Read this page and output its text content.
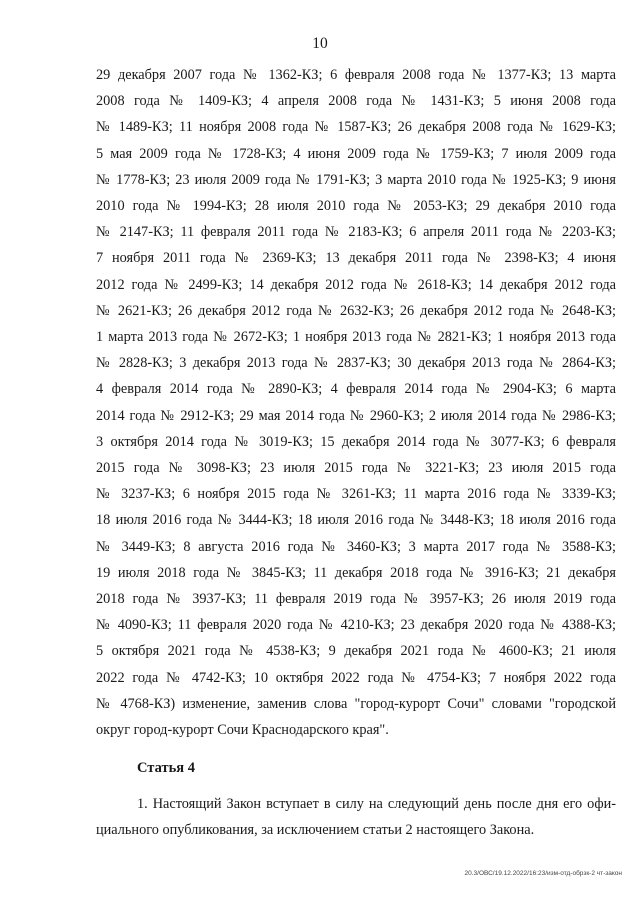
10
29 декабря 2007 года № 1362-КЗ; 6 февраля 2008 года № 1377-КЗ; 13 марта
2008 года № 1409-КЗ; 4 апреля 2008 года № 1431-КЗ; 5 июня 2008 года
№ 1489-КЗ; 11 ноября 2008 года № 1587-КЗ; 26 декабря 2008 года № 1629-КЗ;
5 мая 2009 года № 1728-КЗ; 4 июня 2009 года № 1759-КЗ; 7 июля 2009 года
№ 1778-КЗ; 23 июля 2009 года № 1791-КЗ; 3 марта 2010 года № 1925-КЗ; 9 июня
2010 года № 1994-КЗ; 28 июля 2010 года № 2053-КЗ; 29 декабря 2010 года
№ 2147-КЗ; 11 февраля 2011 года № 2183-КЗ; 6 апреля 2011 года № 2203-КЗ;
7 ноября 2011 года № 2369-КЗ; 13 декабря 2011 года № 2398-КЗ; 4 июня
2012 года № 2499-КЗ; 14 декабря 2012 года № 2618-КЗ; 14 декабря 2012 года
№ 2621-КЗ; 26 декабря 2012 года № 2632-КЗ; 26 декабря 2012 года № 2648-КЗ;
1 марта 2013 года № 2672-КЗ; 1 ноября 2013 года № 2821-КЗ; 1 ноября 2013 года
№ 2828-КЗ; 3 декабря 2013 года № 2837-КЗ; 30 декабря 2013 года № 2864-КЗ;
4 февраля 2014 года № 2890-КЗ; 4 февраля 2014 года № 2904-КЗ; 6 марта
2014 года № 2912-КЗ; 29 мая 2014 года № 2960-КЗ; 2 июля 2014 года № 2986-КЗ;
3 октября 2014 года № 3019-КЗ; 15 декабря 2014 года № 3077-КЗ; 6 февраля
2015 года № 3098-КЗ; 23 июля 2015 года № 3221-КЗ; 23 июля 2015 года
№ 3237-КЗ; 6 ноября 2015 года № 3261-КЗ; 11 марта 2016 года № 3339-КЗ;
18 июля 2016 года № 3444-КЗ; 18 июля 2016 года № 3448-КЗ; 18 июля 2016 года
№ 3449-КЗ; 8 августа 2016 года № 3460-КЗ; 3 марта 2017 года № 3588-КЗ;
19 июля 2018 года № 3845-КЗ; 11 декабря 2018 года № 3916-КЗ; 21 декабря
2018 года № 3937-КЗ; 11 февраля 2019 года № 3957-КЗ; 26 июля 2019 года
№ 4090-КЗ; 11 февраля 2020 года № 4210-КЗ; 23 декабря 2020 года № 4388-КЗ;
5 октября 2021 года № 4538-КЗ; 9 декабря 2021 года № 4600-КЗ; 21 июля
2022 года № 4742-КЗ; 10 октября 2022 года № 4754-КЗ; 7 ноября 2022 года
№ 4768-КЗ) изменение, заменив слова "город-курорт Сочи" словами "городской
округ город-курорт Сочи Краснодарского края".
Статья 4
1. Настоящий Закон вступает в силу на следующий день после дня его офи-
циального опубликования, за исключением статьи 2 настоящего Закона.
20.3/ОВС/19.12.2022/16:23/изм-отд-обрзк-2 чт-закон
